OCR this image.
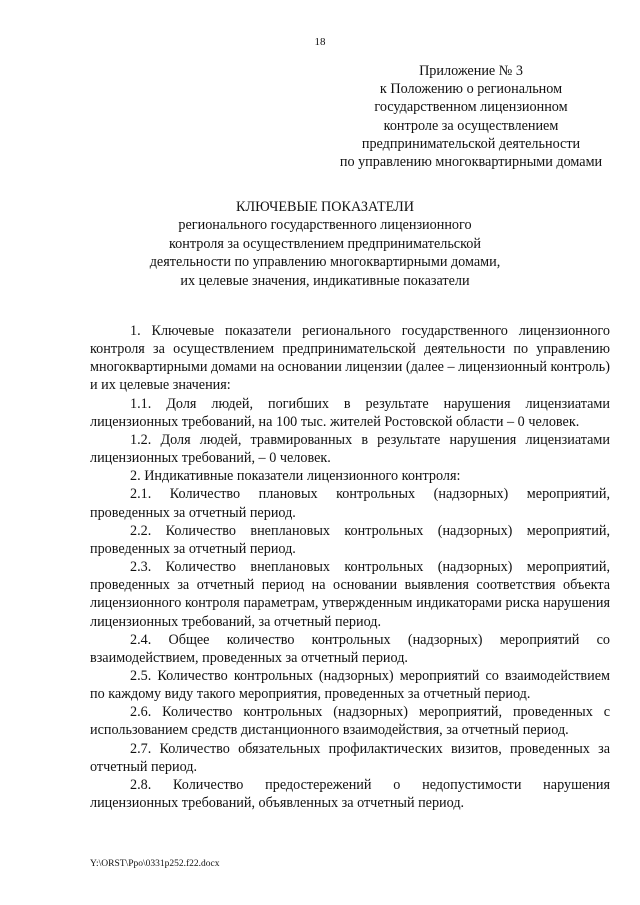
18
Приложение № 3
к Положению о региональном
государственном лицензионном
контроле за осуществлением
предпринимательской деятельности
по управлению многоквартирными домами
КЛЮЧЕВЫЕ ПОКАЗАТЕЛИ
регионального государственного лицензионного
контроля за осуществлением предпринимательской
деятельности по управлению многоквартирными домами,
их целевые значения, индикативные показатели

1. Ключевые показатели регионального государственного лицензионного контроля за осуществлением предпринимательской деятельности по управлению многоквартирными домами на основании лицензии (далее – лицензионный контроль) и их целевые значения:

1.1. Доля людей, погибших в результате нарушения лицензиатами лицензионных требований, на 100 тыс. жителей Ростовской области – 0 человек.

1.2. Доля людей, травмированных в результате нарушения лицензиатами лицензионных требований, – 0 человек.

2. Индикативные показатели лицензионного контроля:

2.1. Количество плановых контрольных (надзорных) мероприятий, проведенных за отчетный период.

2.2. Количество внеплановых контрольных (надзорных) мероприятий, проведенных за отчетный период.

2.3. Количество внеплановых контрольных (надзорных) мероприятий, проведенных за отчетный период на основании выявления соответствия объекта лицензионного контроля параметрам, утвержденным индикаторами риска нарушения лицензионных требований, за отчетный период.

2.4. Общее количество контрольных (надзорных) мероприятий со взаимодействием, проведенных за отчетный период.

2.5. Количество контрольных (надзорных) мероприятий со взаимодействием по каждому виду такого мероприятия, проведенных за отчетный период.

2.6. Количество контрольных (надзорных) мероприятий, проведенных с использованием средств дистанционного взаимодействия, за отчетный период.

2.7. Количество обязательных профилактических визитов, проведенных за отчетный период.

2.8. Количество предостережений о недопустимости нарушения лицензионных требований, объявленных за отчетный период.

Y:\ORST\Ppo\0331p252.f22.docx
